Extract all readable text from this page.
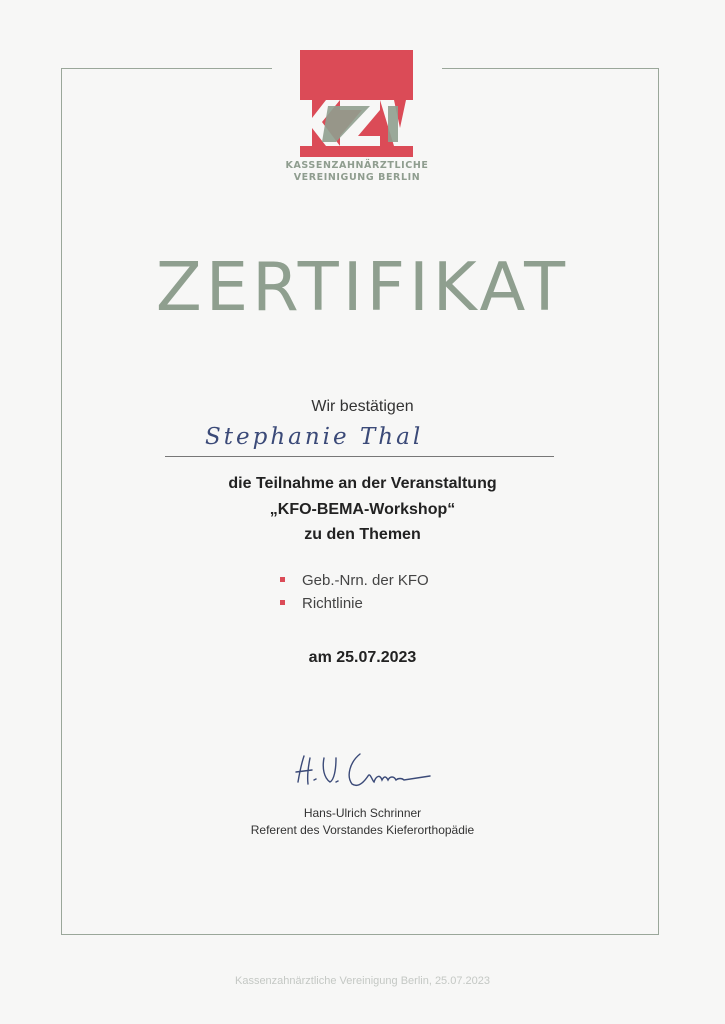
KASSENZAHNÄRZTLICHE
VEREINIGUNG BERLIN
ZERTIFIKAT
Wir bestätigen
Stephanie Thal
die Teilnahme an der Veranstaltung
„KFO-BEMA-Workshop“
zu den Themen
Geb.-Nrn. der KFO
Richtlinie
am 25.07.2023
Hans-Ulrich Schrinner
Referent des Vorstandes Kieferorthopädie
Kassenzahnärztliche Vereinigung Berlin, 25.07.2023
